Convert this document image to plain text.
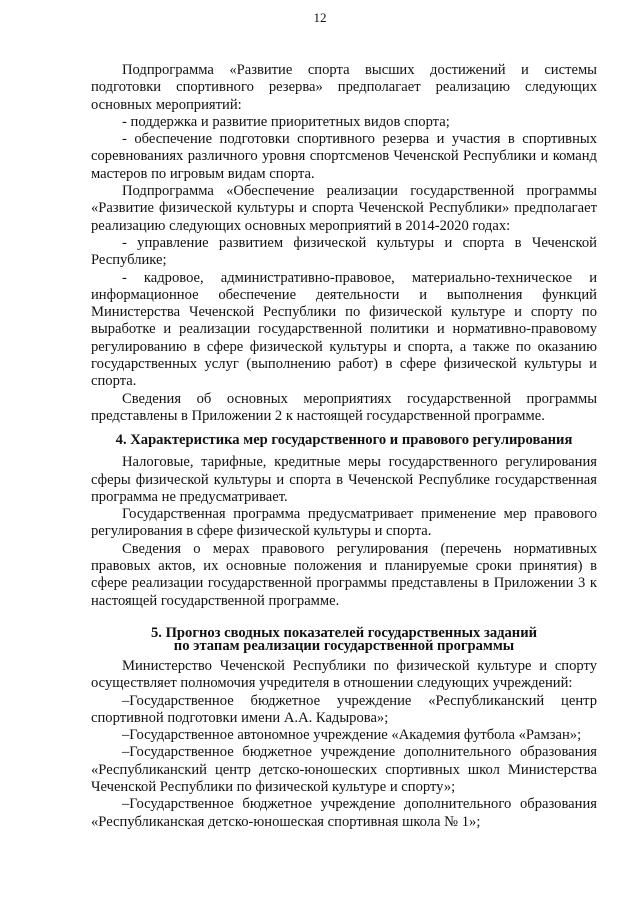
12

Подпрограмма «Развитие спорта высших достижений и системы подготовки спортивного резерва» предполагает реализацию следующих основных мероприятий:

- поддержка и развитие приоритетных видов спорта;

- обеспечение подготовки спортивного резерва и участия в спортивных соревнованиях различного уровня спортсменов Чеченской Республики и команд мастеров по игровым видам спорта.

Подпрограмма «Обеспечение реализации государственной программы «Развитие физической культуры и спорта Чеченской Республики» предполагает реализацию следующих основных мероприятий в 2014-2020 годах:

- управление развитием физической культуры и спорта в Чеченской Республике;

- кадровое, административно-правовое, материально-техническое и информационное обеспечение деятельности и выполнения функций Министерства Чеченской Республики по физической культуре и спорту по выработке и реализации государственной политики и нормативно-правовому регулированию в сфере физической культуры и спорта, а также по оказанию государственных услуг (выполнению работ) в сфере физической культуры и спорта.

Сведения об основных мероприятиях государственной программы представлены в Приложении 2 к настоящей государственной программе.

4. Характеристика мер государственного и правового регулирования

Налоговые, тарифные, кредитные меры государственного регулирования сферы физической культуры и спорта в Чеченской Республике государственная программа не предусматривает.

Государственная программа предусматривает применение мер правового регулирования в сфере физической культуры и спорта.

Сведения о мерах правового регулирования (перечень нормативных правовых актов, их основные положения и планируемые сроки принятия) в сфере реализации государственной программы представлены в Приложении 3 к настоящей государственной программе.

5. Прогноз сводных показателей государственных заданий
по этапам реализации государственной программы

Министерство Чеченской Республики по физической культуре и спорту осуществляет полномочия учредителя в отношении следующих учреждений:

–Государственное бюджетное учреждение «Республиканский центр спортивной подготовки имени А.А. Кадырова»;

–Государственное автономное учреждение «Академия футбола «Рамзан»;

–Государственное бюджетное учреждение дополнительного образования «Республиканский центр детско-юношеских спортивных школ Министерства Чеченской Республики по физической культуре и спорту»;

–Государственное бюджетное учреждение дополнительного образования «Республиканская детско-юношеская спортивная школа № 1»;
